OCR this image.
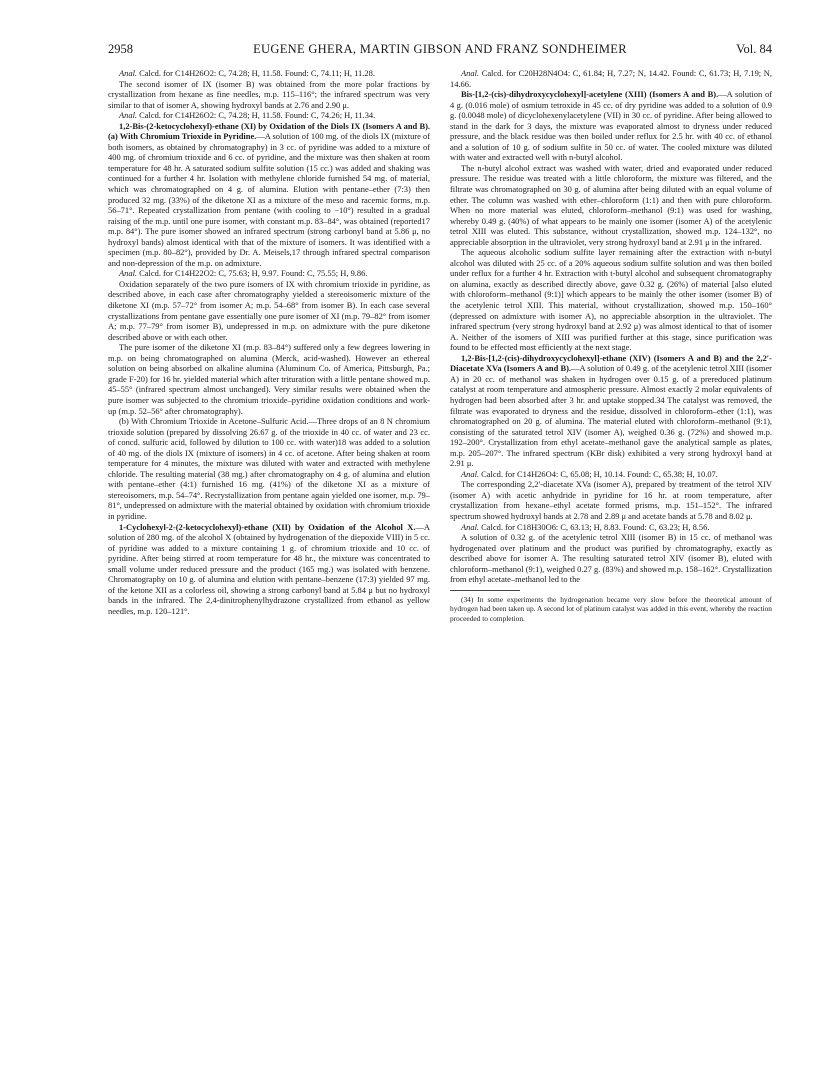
2958	EUGENE GHERA, MARTIN GIBSON AND FRANZ SONDHEIMER	Vol. 84

Anal. Calcd. for C14H26O2: C, 74.28; H, 11.58. Found: C, 74.11; H, 11.28.

The second isomer of IX (isomer B) was obtained from the more polar fractions by crystallization from hexane as fine needles, m.p. 115–116°; the infrared spectrum was very similar to that of isomer A, showing hydroxyl bands at 2.76 and 2.90 μ.

Anal. Calcd. for C14H26O2: C, 74.28; H, 11.58. Found: C, 74.26; H, 11.34.

1,2-Bis-(2-ketocyclohexyl)-ethane (XI) by Oxidation of the Diols IX (Isomers A and B). (a) With Chromium Trioxide in Pyridine.—A solution of 100 mg. of the diols IX (mixture of both isomers, as obtained by chromatography) in 3 cc. of pyridine was added to a mixture of 400 mg. of chromium trioxide and 6 cc. of pyridine, and the mixture was then shaken at room temperature for 48 hr. A saturated sodium sulfite solution (15 cc.) was added and shaking was continued for a further 4 hr. Isolation with methylene chloride furnished 54 mg. of material, which was chromatographed on 4 g. of alumina. Elution with pentane–ether (7:3) then produced 32 mg. (33%) of the diketone XI as a mixture of the meso and racemic forms, m.p. 56–71°. Repeated crystallization from pentane (with cooling to −10°) resulted in a gradual raising of the m.p. until one pure isomer, with constant m.p. 83–84°, was obtained (reported17 m.p. 84°). The pure isomer showed an infrared spectrum (strong carbonyl band at 5.86 μ, no hydroxyl bands) almost identical with that of the mixture of isomers. It was identified with a specimen (m.p. 80–82°), provided by Dr. A. Meisels,17 through infrared spectral comparison and non-depression of the m.p. on admixture.

Anal. Calcd. for C14H22O2: C, 75.63; H, 9.97. Found: C, 75.55; H, 9.86.

Oxidation separately of the two pure isomers of IX with chromium trioxide in pyridine, as described above, in each case after chromatography yielded a stereoisomeric mixture of the diketone XI (m.p. 57–72° from isomer A; m.p. 54–68° from isomer B). In each case several crystallizations from pentane gave essentially one pure isomer of XI (m.p. 79–82° from isomer A; m.p. 77–79° from isomer B), undepressed in m.p. on admixture with the pure diketone described above or with each other.

The pure isomer of the diketone XI (m.p. 83–84°) suffered only a few degrees lowering in m.p. on being chromatographed on alumina (Merck, acid-washed). However an ethereal solution on being absorbed on alkaline alumina (Aluminum Co. of America, Pittsburgh, Pa.; grade F-20) for 16 hr. yielded material which after trituration with a little pentane showed m.p. 45–55° (infrared spectrum almost unchanged). Very similar results were obtained when the pure isomer was subjected to the chromium trioxide–pyridine oxidation conditions and work-up (m.p. 52–56° after chromatography).

(b) With Chromium Trioxide in Acetone–Sulfuric Acid.—Three drops of an 8 N chromium trioxide solution (prepared by dissolving 26.67 g. of the trioxide in 40 cc. of water and 23 cc. of concd. sulfuric acid, followed by dilution to 100 cc. with water)18 was added to a solution of 40 mg. of the diols IX (mixture of isomers) in 4 cc. of acetone. After being shaken at room temperature for 4 minutes, the mixture was diluted with water and extracted with methylene chloride. The resulting material (38 mg.) after chromatography on 4 g. of alumina and elution with pentane–ether (4:1) furnished 16 mg. (41%) of the diketone XI as a mixture of stereoisomers, m.p. 54–74°. Recrystallization from pentane again yielded one isomer, m.p. 79–81°, undepressed on admixture with the material obtained by oxidation with chromium trioxide in pyridine.

1-Cyclohexyl-2-(2-ketocyclohexyl)-ethane (XII) by Oxidation of the Alcohol X.—A solution of 280 mg. of the alcohol X (obtained by hydrogenation of the diepoxide VIII) in 5 cc. of pyridine was added to a mixture containing 1 g. of chromium trioxide and 10 cc. of pyridine. After being stirred at room temperature for 48 hr., the mixture was concentrated to small volume under reduced pressure and the product (165 mg.) was isolated with benzene. Chromatography on 10 g. of alumina and elution with pentane–benzene (17:3) yielded 97 mg. of the ketone XII as a colorless oil, showing a strong carbonyl band at 5.84 μ but no hydroxyl bands in the infrared. The 2,4-dinitrophenylhydrazone crystallized from ethanol as yellow needles, m.p. 120–121°.

Anal. Calcd. for C20H28N4O4: C, 61.84; H, 7.27; N, 14.42. Found: C, 61.73; H, 7.19; N, 14.66.

Bis-[1,2-(cis)-dihydroxycyclohexyl]-acetylene (XIII) (Isomers A and B).—A solution of 4 g. (0.016 mole) of osmium tetroxide in 45 cc. of dry pyridine was added to a solution of 0.9 g. (0.0048 mole) of dicyclohexenylacetylene (VII) in 30 cc. of pyridine. After being allowed to stand in the dark for 3 days, the mixture was evaporated almost to dryness under reduced pressure, and the black residue was then boiled under reflux for 2.5 hr. with 40 cc. of ethanol and a solution of 10 g. of sodium sulfite in 50 cc. of water. The cooled mixture was diluted with water and extracted well with n-butyl alcohol.

The n-butyl alcohol extract was washed with water, dried and evaporated under reduced pressure. The residue was treated with a little chloroform, the mixture was filtered, and the filtrate was chromatographed on 30 g. of alumina after being diluted with an equal volume of ether. The column was washed with ether–chloroform (1:1) and then with pure chloroform. When no more material was eluted, chloroform–methanol (9:1) was used for washing, whereby 0.49 g. (40%) of what appears to be mainly one isomer (isomer A) of the acetylenic tetrol XIII was eluted. This substance, without crystallization, showed m.p. 124–132°, no appreciable absorption in the ultraviolet, very strong hydroxyl band at 2.91 μ in the infrared.

The aqueous alcoholic sodium sulfite layer remaining after the extraction with n-butyl alcohol was diluted with 25 cc. of a 20% aqueous sodium sulfite solution and was then boiled under reflux for a further 4 hr. Extraction with t-butyl alcohol and subsequent chromatography on alumina, exactly as described directly above, gave 0.32 g. (26%) of material [also eluted with chloroform–methanol (9:1)] which appears to be mainly the other isomer (isomer B) of the acetylenic tetrol XIII. This material, without crystallization, showed m.p. 150–160° (depressed on admixture with isomer A), no appreciable absorption in the ultraviolet. The infrared spectrum (very strong hydroxyl band at 2.92 μ) was almost identical to that of isomer A. Neither of the isomers of XIII was purified further at this stage, since purification was found to be effected most efficiently at the next stage.

1,2-Bis-[1,2-(cis)-dihydroxycyclohexyl]-ethane (XIV) (Isomers A and B) and the 2,2′-Diacetate XVa (Isomers A and B).—A solution of 0.49 g. of the acetylenic tetrol XIII (isomer A) in 20 cc. of methanol was shaken in hydrogen over 0.15 g. of a prereduced platinum catalyst at room temperature and atmospheric pressure. Almost exactly 2 molar equivalents of hydrogen had been absorbed after 3 hr. and uptake stopped.34 The catalyst was removed, the filtrate was evaporated to dryness and the residue, dissolved in chloroform–ether (1:1), was chromatographed on 20 g. of alumina. The material eluted with chloroform–methanol (9:1), consisting of the saturated tetrol XIV (isomer A), weighed 0.36 g. (72%) and showed m.p. 192–200°. Crystallization from ethyl acetate–methanol gave the analytical sample as plates, m.p. 205–207°. The infrared spectrum (KBr disk) exhibited a very strong hydroxyl band at 2.91 μ.

Anal. Calcd. for C14H26O4: C, 65.08; H, 10.14. Found: C, 65.38; H, 10.07.

The corresponding 2,2′-diacetate XVa (isomer A), prepared by treatment of the tetrol XIV (isomer A) with acetic anhydride in pyridine for 16 hr. at room temperature, after crystallization from hexane–ethyl acetate formed prisms, m.p. 151–152°. The infrared spectrum showed hydroxyl bands at 2.78 and 2.89 μ and acetate bands at 5.78 and 8.02 μ.

Anal. Calcd. for C18H30O6: C, 63.13; H, 8.83. Found: C, 63.23; H, 8.56.

A solution of 0.32 g. of the acetylenic tetrol XIII (isomer B) in 15 cc. of methanol was hydrogenated over platinum and the product was purified by chromatography, exactly as described above for isomer A. The resulting saturated tetrol XIV (isomer B), eluted with chloroform–methanol (9:1), weighed 0.27 g. (83%) and showed m.p. 158–162°. Crystallization from ethyl acetate–methanol led to the

(34) In some experiments the hydrogenation became very slow before the theoretical amount of hydrogen had been taken up. A second lot of platinum catalyst was added in this event, whereby the reaction proceeded to completion.
